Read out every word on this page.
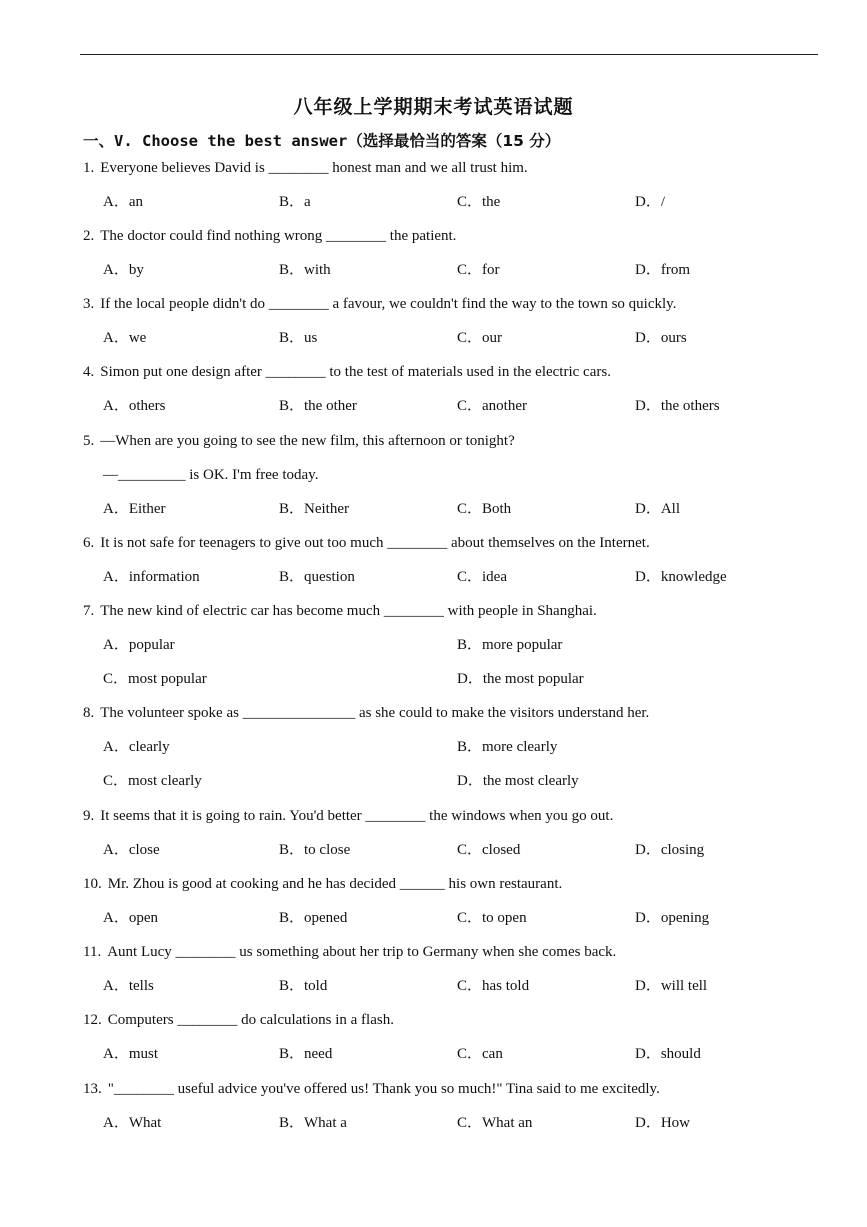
八年级上学期期末考试英语试题
一、V. Choose the best answer（选择最恰当的答案（15 分）
1. Everyone believes David is ________ honest man and we all trust him.
A．an	B．a	C．the	D．/
2. The doctor could find nothing wrong ________ the patient.
A．by	B．with	C．for	D．from
3. If the local people didn't do ________ a favour, we couldn't find the way to the town so quickly.
A．we	B．us	C．our	D．ours
4. Simon put one design after ________ to the test of materials used in the electric cars.
A．others	B．the other	C．another	D．the others
5. —When are you going to see the new film, this afternoon or tonight?
—_________ is OK. I'm free today.
A．Either	B．Neither	C．Both	D．All
6. It is not safe for teenagers to give out too much ________ about themselves on the Internet.
A．information	B．question	C．idea	D．knowledge
7. The new kind of electric car has become much ________ with people in Shanghai.
A．popular	B．more popular
C．most popular	D．the most popular
8. The volunteer spoke as _______________ as she could to make the visitors understand her.
A．clearly	B．more clearly
C．most clearly	D．the most clearly
9. It seems that it is going to rain. You'd better ________ the windows when you go out.
A．close	B．to close	C．closed	D．closing
10. Mr. Zhou is good at cooking and he has decided ______ his own restaurant.
A．open	B．opened	C．to open	D．opening
11. Aunt Lucy ________ us something about her trip to Germany when she comes back.
A．tells	B．told	C．has told	D．will tell
12. Computers ________ do calculations in a flash.
A．must	B．need	C．can	D．should
13. "________ useful advice you've offered us! Thank you so much!" Tina said to me excitedly.
A．What	B．What a	C．What an	D．How
